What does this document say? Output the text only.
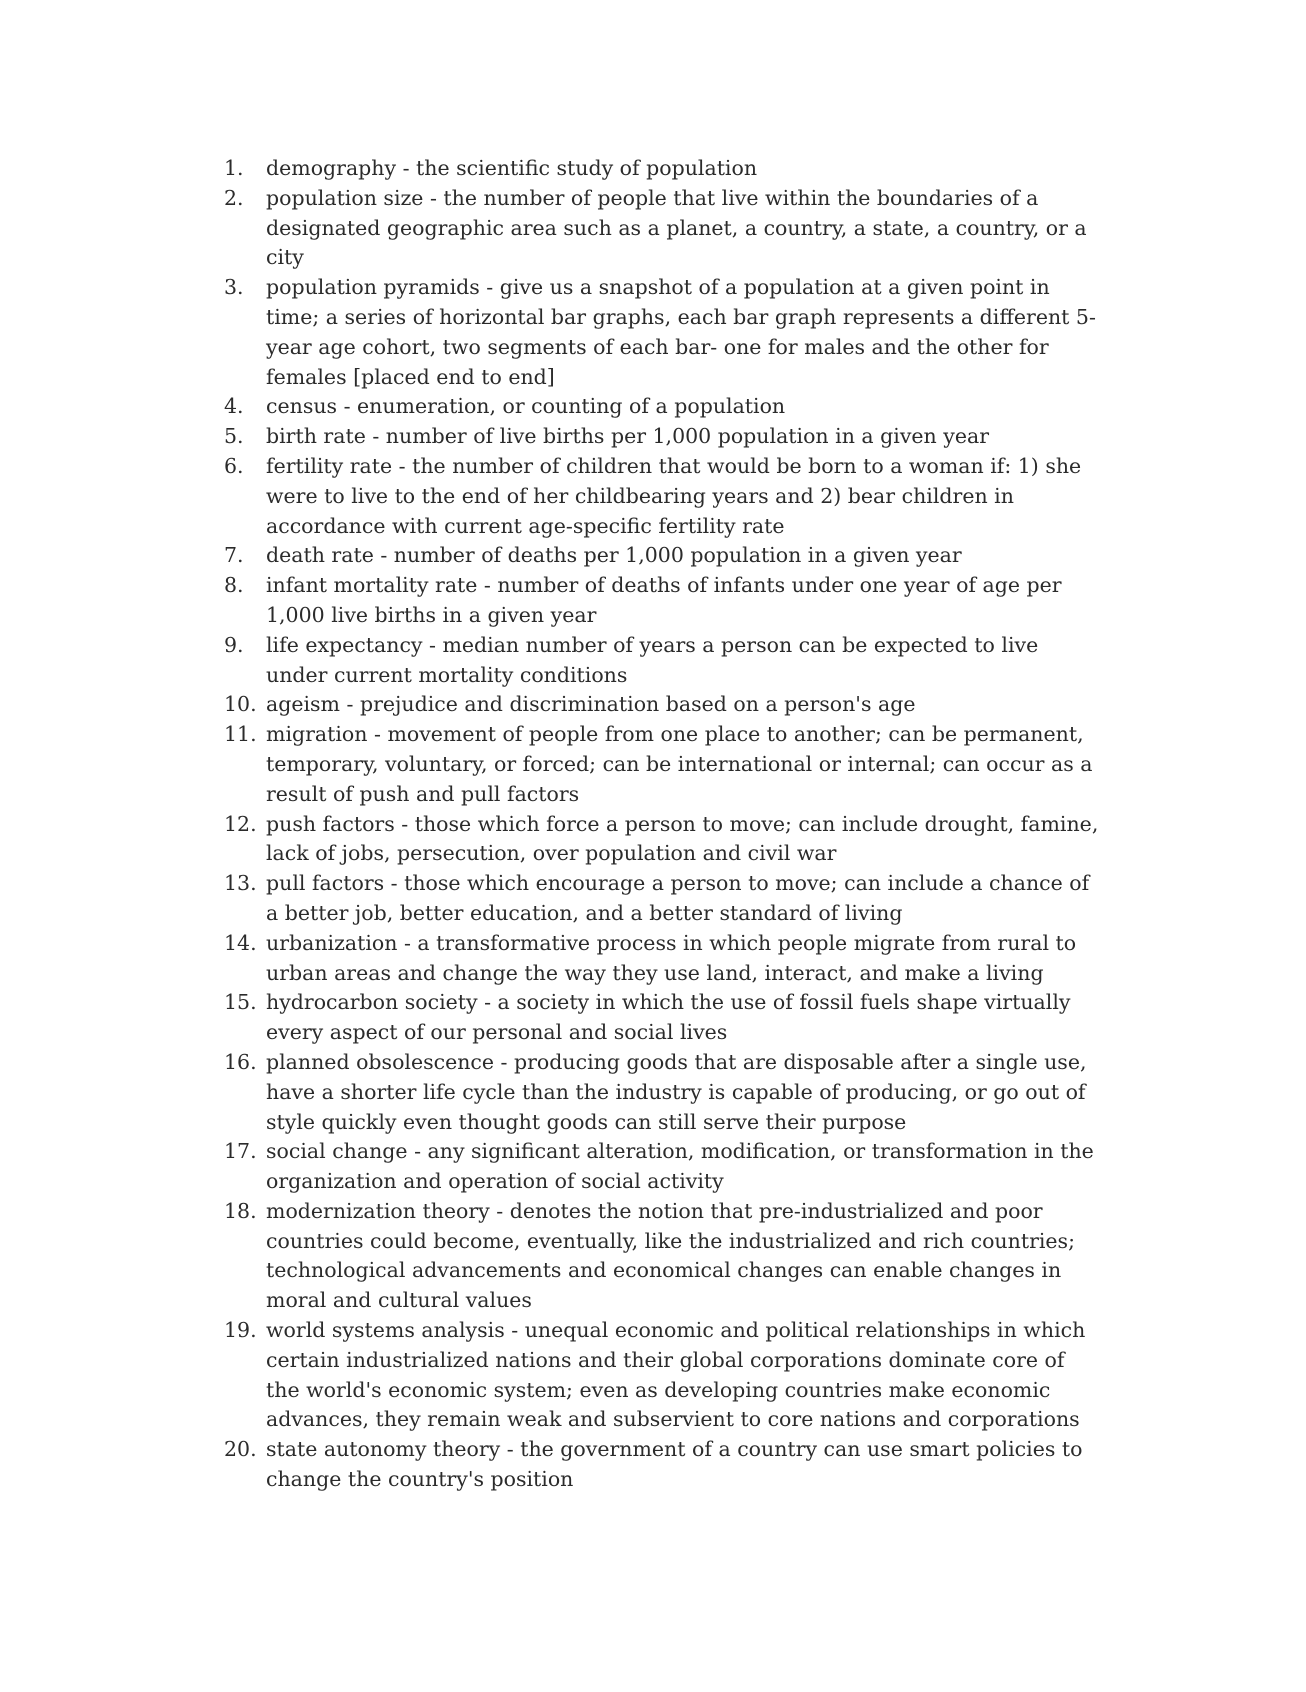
1.	demography - the scientific study of population
2.	population size - the number of people that live within the boundaries of a designated geographic area such as a planet, a country, a state, a country, or a city
3.	population pyramids - give us a snapshot of a population at a given point in time; a series of horizontal bar graphs, each bar graph represents a different 5-year age cohort, two segments of each bar- one for males and the other for females [placed end to end]
4.	census - enumeration, or counting of a population
5.	birth rate - number of live births per 1,000 population in a given year
6.	fertility rate - the number of children that would be born to a woman if: 1) she were to live to the end of her childbearing years and 2) bear children in accordance with current age-specific fertility rate
7.	death rate - number of deaths per 1,000 population in a given year
8.	infant mortality rate - number of deaths of infants under one year of age per 1,000 live births in a given year
9.	life expectancy - median number of years a person can be expected to live under current mortality conditions
10. ageism - prejudice and discrimination based on a person's age
11. migration - movement of people from one place to another; can be permanent, temporary, voluntary, or forced; can be international or internal; can occur as a result of push and pull factors
12. push factors - those which force a person to move; can include drought, famine, lack of jobs, persecution, over population and civil war
13. pull factors - those which encourage a person to move; can include a chance of a better job, better education, and a better standard of living
14. urbanization - a transformative process in which people migrate from rural to urban areas and change the way they use land, interact, and make a living
15. hydrocarbon society - a society in which the use of fossil fuels shape virtually every aspect of our personal and social lives
16. planned obsolescence - producing goods that are disposable after a single use, have a shorter life cycle than the industry is capable of producing, or go out of style quickly even thought goods can still serve their purpose
17. social change - any significant alteration, modification, or transformation in the organization and operation of social activity
18. modernization theory - denotes the notion that pre-industrialized and poor countries could become, eventually, like the industrialized and rich countries; technological advancements and economical changes can enable changes in moral and cultural values
19. world systems analysis - unequal economic and political relationships in which certain industrialized nations and their global corporations dominate core of the world's economic system; even as developing countries make economic advances, they remain weak and subservient to core nations and corporations
20. state autonomy theory - the government of a country can use smart policies to change the country's position
